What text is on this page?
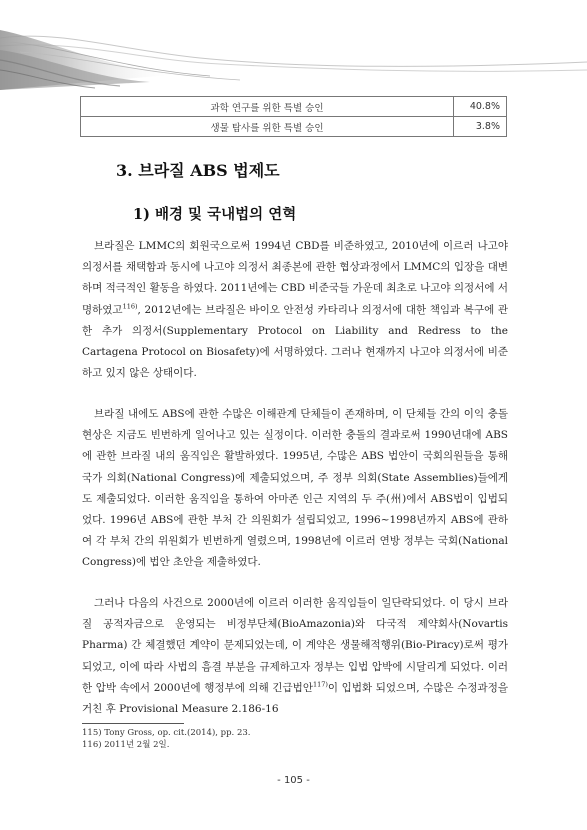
과학 연구를 위한 특별 승인	40.8%
생물 탐사를 위한 특별 승인	3.8%
3. 브라질 ABS 법제도
1) 배경 및 국내법의 연혁

브라질은 LMMC의 회원국으로써 1994년 CBD를 비준하였고, 2010년에 이르러 나고야 의정서를 채택함과 동시에 나고야 의정서 최종본에 관한 협상과정에서 LMMC의 입장을 대변하며 적극적인 활동을 하였다. 2011년에는 CBD 비준국들 가운데 최초로 나고야 의정서에 서명하였고$^{116)}$, 2012년에는 브라질은 바이오 안전성 카타리나 의정서에 대한 책임과 복구에 관한 추가 의정서(Supplementary Protocol on Liability and Redress to the Cartagena Protocol on Biosafety)에 서명하였다. 그러나 현재까지 나고야 의정서에 비준하고 있지 않은 상태이다.

브라질 내에도 ABS에 관한 수많은 이해관계 단체들이 존재하며, 이 단체들 간의 이익 충돌 현상은 지금도 빈번하게 일어나고 있는 실정이다. 이러한 충돌의 결과로써 1990년대에 ABS에 관한 브라질 내의 움직임은 활발하였다. 1995년, 수많은 ABS 법안이 국회의원들을 통해 국가 의회(National Congress)에 제출되었으며, 주 정부 의회(State Assemblies)들에게도 제출되었다. 이러한 움직임을 통하여 아마존 인근 지역의 두 주(州)에서 ABS법이 입법되었다. 1996년 ABS에 관한 부처 간 의원회가 설립되었고, 1996~1998년까지 ABS에 관하여 각 부처 간의 위원회가 빈번하게 열렸으며, 1998년에 이르러 연방 정부는 국회(National Congress)에 법안 초안을 제출하였다.

그러나 다음의 사건으로 2000년에 이르러 이러한 움직임들이 일단락되었다. 이 당시 브라질 공적자금으로 운영되는 비정부단체(BioAmazonia)와 다국적 제약회사(Novartis Pharma) 간 체결했던 계약이 문제되었는데, 이 계약은 생물해적행위(Bio-Piracy)로써 평가되었고, 이에 따라 사법의 흠결 부분을 규제하고자 정부는 입법 압박에 시달리게 되었다. 이러한 압박 속에서 2000년에 행정부에 의해 긴급법안$^{117)}$이 입법화 되었으며, 수많은 수정과정을 거친 후 Provisional Measure 2.186-16

115) Tony Gross, op. cit.(2014), pp. 23.

116) 2011년 2월 2일.

- 105 -
